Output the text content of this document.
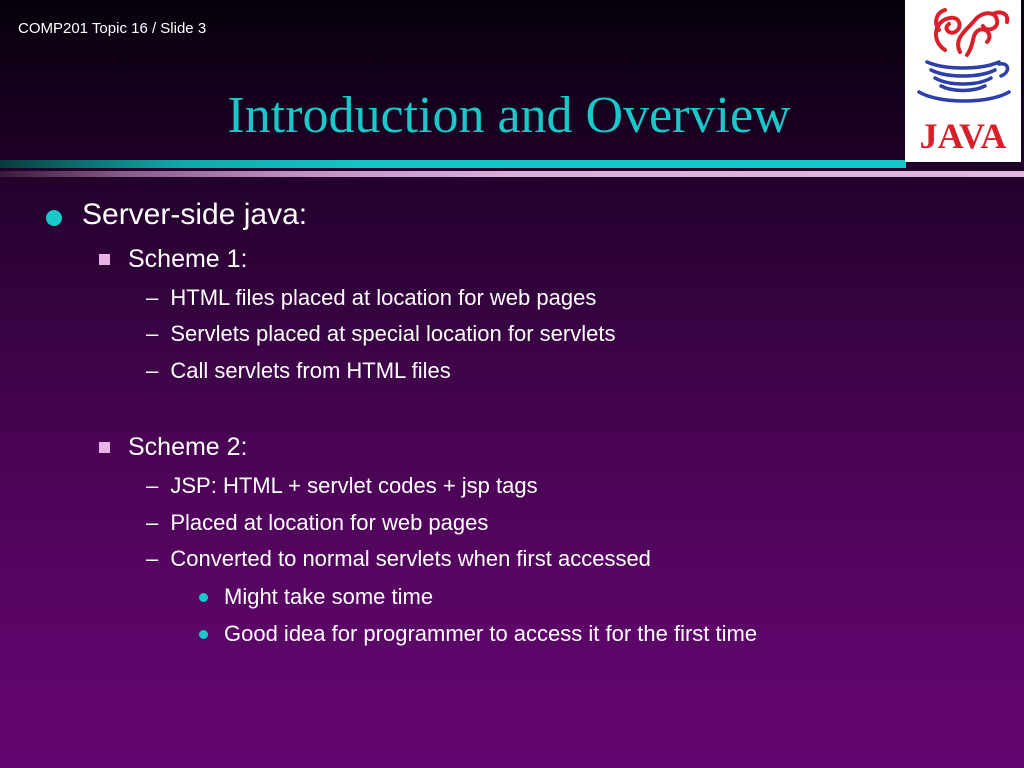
COMP201 Topic 16 / Slide 3
Introduction and Overview	JAVA
Server-side java:
Scheme 1:
– HTML files placed at location for web pages
– Servlets placed at special location for servlets
– Call servlets from HTML files
Scheme 2:
– JSP: HTML + servlet codes + jsp tags
– Placed at location for web pages
– Converted to normal servlets when first accessed
Might take some time
Good idea for programmer to access it for the first time
